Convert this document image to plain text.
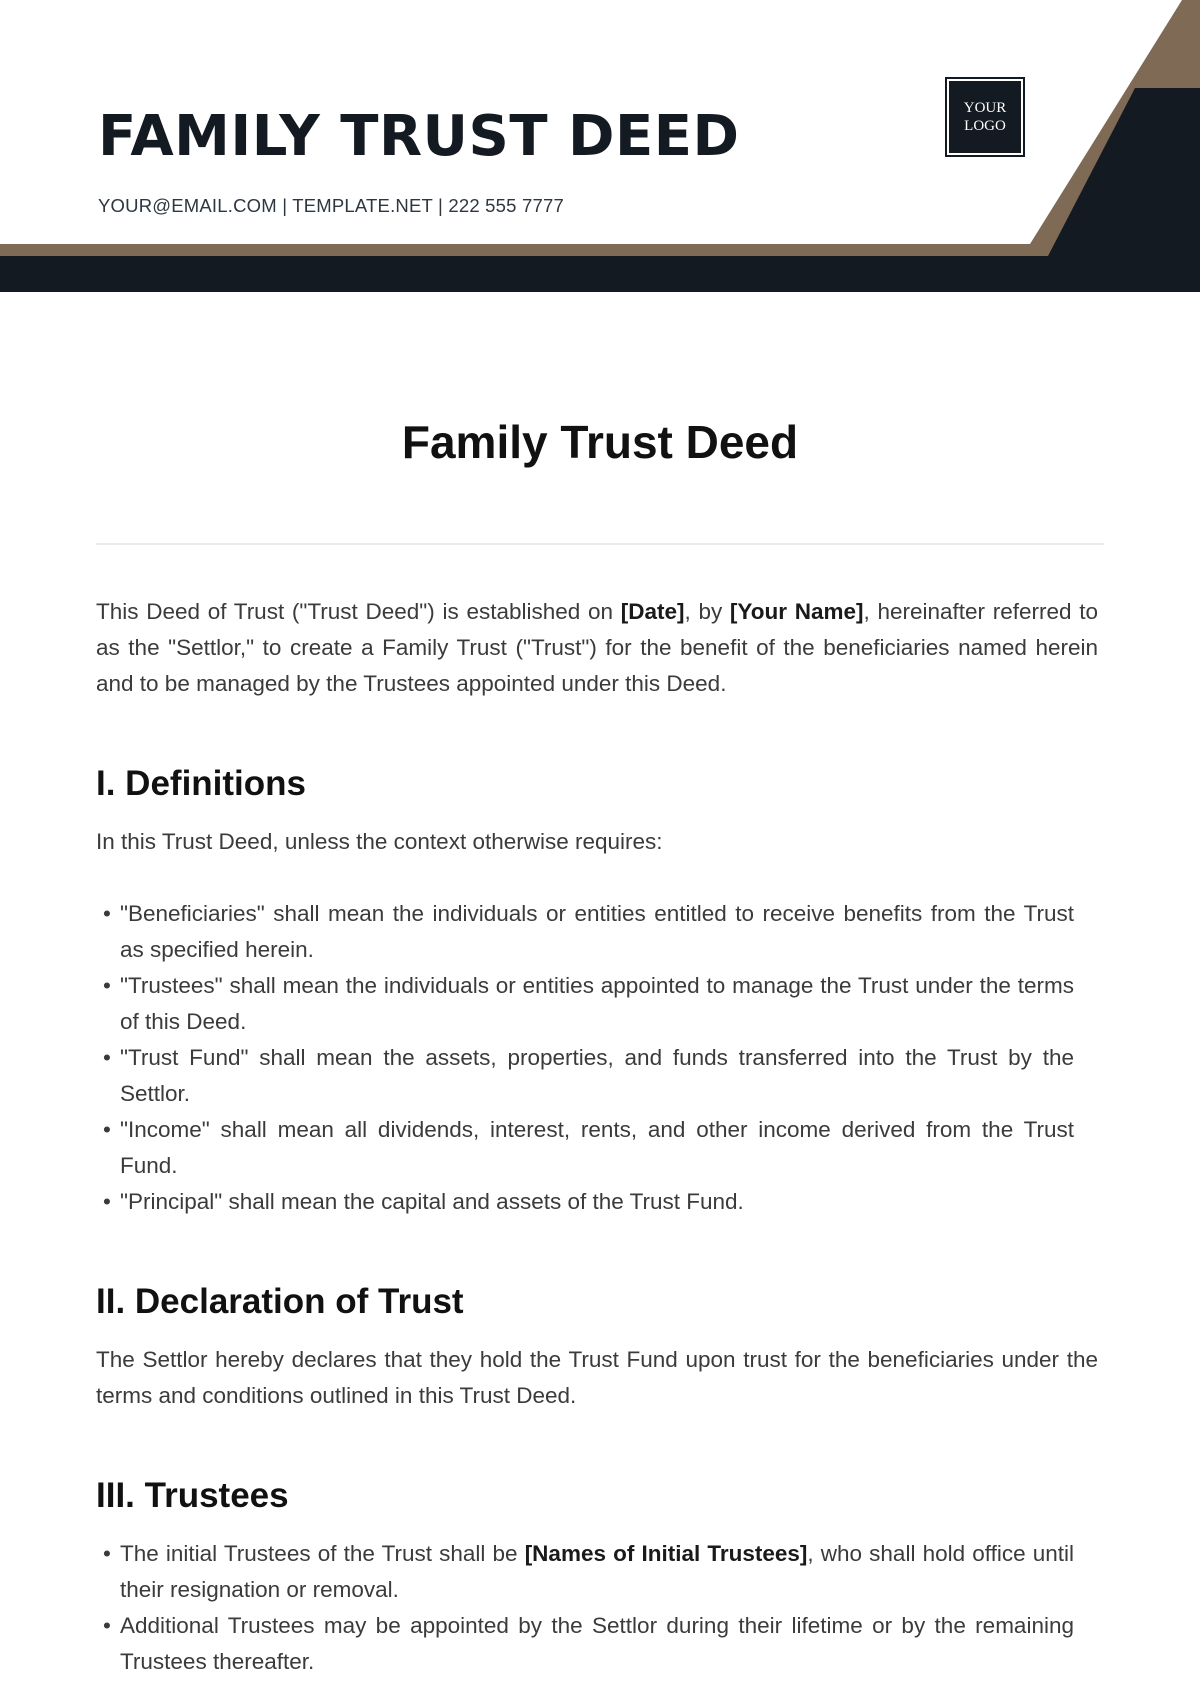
FAMILY TRUST DEED
YOUR@EMAIL.COM | TEMPLATE.NET | 222 555 7777
YOUR
LOGO
Family Trust Deed

This Deed of Trust ("Trust Deed") is established on [Date], by [Your Name], hereinafter referred to as the "Settlor," to create a Family Trust ("Trust") for the benefit of the beneficiaries named herein and to be managed by the Trustees appointed under this Deed.

I. Definitions

In this Trust Deed, unless the context otherwise requires:

• "Beneficiaries" shall mean the individuals or entities entitled to receive benefits from the Trust as specified herein.
• "Trustees" shall mean the individuals or entities appointed to manage the Trust under the terms of this Deed.
• "Trust Fund" shall mean the assets, properties, and funds transferred into the Trust by the Settlor.
• "Income" shall mean all dividends, interest, rents, and other income derived from the Trust Fund.
• "Principal" shall mean the capital and assets of the Trust Fund.
II. Declaration of Trust

The Settlor hereby declares that they hold the Trust Fund upon trust for the beneficiaries under the terms and conditions outlined in this Trust Deed.

III. Trustees
• The initial Trustees of the Trust shall be [Names of Initial Trustees], who shall hold office until their resignation or removal.
• Additional Trustees may be appointed by the Settlor during their lifetime or by the remaining Trustees thereafter.
